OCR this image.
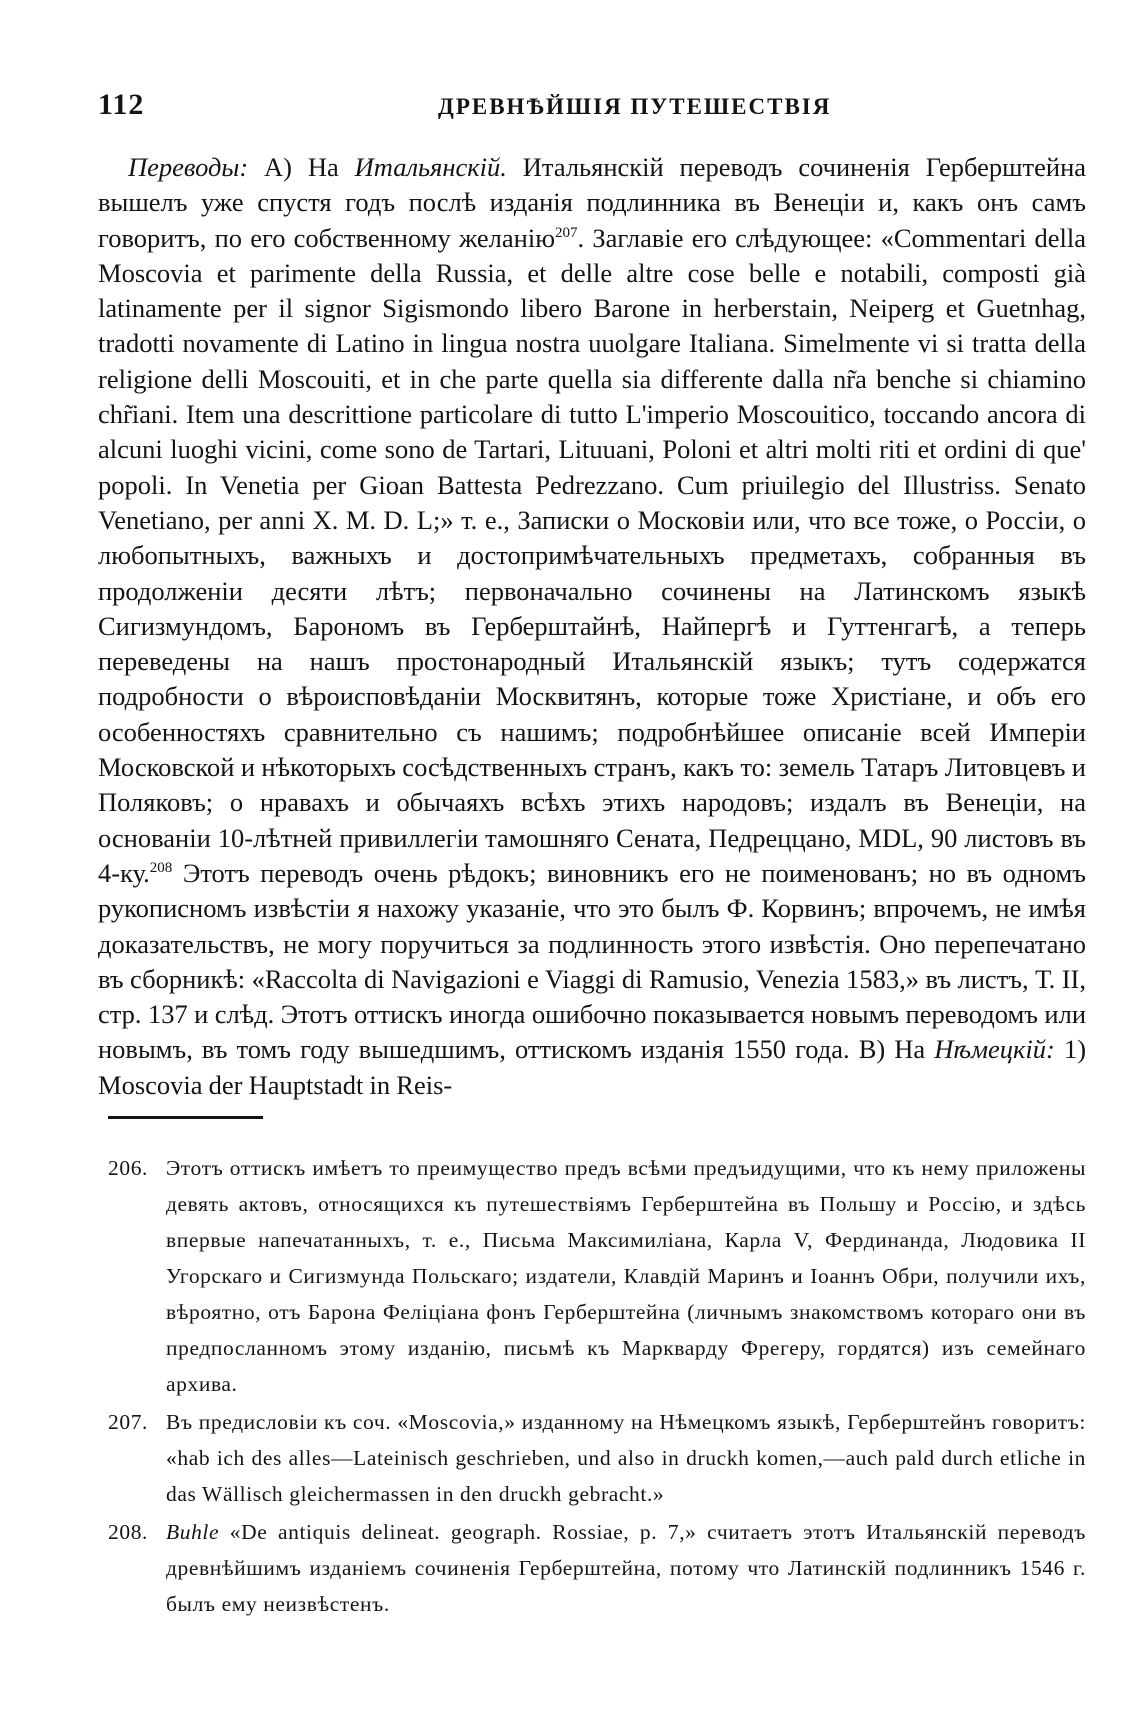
112	ДРЕВНѢЙШІЯ ПУТЕШЕСТВІЯ

Переводы: A) На Итальянскій. Итальянскій переводъ сочиненія Герберштейна вышелъ уже спустя годъ послѣ изданія подлинника въ Венеціи и, какъ онъ самъ говоритъ, по его собственному желанію$^{207}$. Заглавіе его слѣдующее: «Commentari della Moscovia et parimente della Russia, et delle altre cose belle e notabili, composti già latinamente per il signor Sigismondo libero Barone in herberstain, Neiperg et Guetnhag, tradotti novamente di Latino in lingua nostra uuolgare Italiana. Simelmente vi si tratta della religione delli Moscouiti, et in che parte quella sia differente dalla nr̃a benche si chiamino chr̃iani. Item una descrittione particolare di tutto L'imperio Moscouitico, toccando ancora di alcuni luoghi vicini, come sono de Tartari, Lituuani, Poloni et altri molti riti et ordini di que' popoli. In Venetia per Gioan Battesta Pedrezzano. Cum priuilegio del Illustriss. Senato Venetiano, per anni X. M. D. L;» т. е., Записки о Московіи или, что все тоже, о Россіи, о любопытныхъ, важныхъ и достопримѣчательныхъ предметахъ, собранныя въ продолженіи десяти лѣтъ; первоначально сочинены на Латинскомъ языкѣ Сигизмундомъ, Барономъ въ Герберштайнѣ, Найпергѣ и Гуттенгагѣ, а теперь переведены на нашъ простонародный Итальянскій языкъ; тутъ содержатся подробности о вѣроисповѣданіи Москвитянъ, которые тоже Христіане, и объ его особенностяхъ сравнительно съ нашимъ; подробнѣйшее описаніе всей Имперіи Московской и нѣкоторыхъ сосѣдственныхъ странъ, какъ то: земель Татаръ Литовцевъ и Поляковъ; о нравахъ и обычаяхъ всѣхъ этихъ народовъ; издалъ въ Венеціи, на основаніи 10-лѣтней привиллегіи тамошняго Сената, Педреццано, MDL, 90 листовъ въ 4-ку.$^{208}$ Этотъ переводъ очень рѣдокъ; виновникъ его не поименованъ; но въ одномъ рукописномъ извѣстіи я нахожу указаніе, что это былъ Ф. Корвинъ; впрочемъ, не имѣя доказательствъ, не могу поручиться за подлинность этого извѣстія. Оно перепечатано въ сборникѣ: «Raccolta di Navigazioni e Viaggi di Ramusio, Venezia 1583,» въ листъ, Т. II, стр. 137 и слѣд. Этотъ оттискъ иногда ошибочно показывается новымъ переводомъ или новымъ, въ томъ году вышедшимъ, оттискомъ изданія 1550 года. B) На Нѣмецкій: 1) Moscovia der Hauptstadt in Reis-

206. Этотъ оттискъ имѣетъ то преимущество предъ всѣми предъидущими, что къ нему приложены девять актовъ, относящихся къ путешествіямъ Герберштейна въ Польшу и Россію, и здѣсь впервые напечатанныхъ, т. е., Письма Максимиліана, Карла V, Фердинанда, Людовика II Угорскаго и Сигизмунда Польскаго; издатели, Клавдій Маринъ и Іоаннъ Обри, получили ихъ, вѣроятно, отъ Барона Феліціана фонъ Герберштейна (личнымъ знакомствомъ котораго они въ предпосланномъ этому изданію, письмѣ къ Маркварду Фрегеру, гордятся) изъ семейнаго архива.

207. Въ предисловіи къ соч. «Moscovia,» изданному на Нѣмецкомъ языкѣ, Герберштейнъ говоритъ: «hab ich des alles—Lateinisch geschrieben, und also in druckh komen,—auch pald durch etliche in das Wällisch gleichermassen in den druckh gebracht.»

208. Buhle «De antiquis delineat. geograph. Rossiae, p. 7,» считаетъ этотъ Итальянскій переводъ древнѣйшимъ изданіемъ сочиненія Герберштейна, потому что Латинскій подлинникъ 1546 г. былъ ему неизвѣстенъ.
